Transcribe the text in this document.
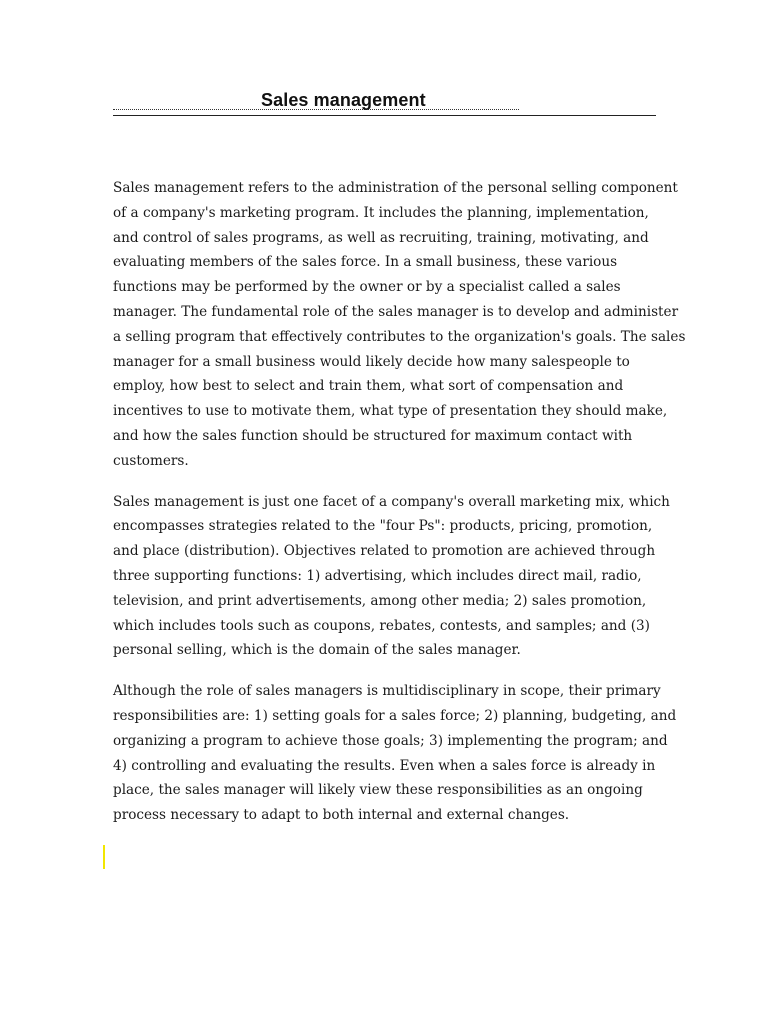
Sales management

Sales management refers to the administration of the personal selling component
of a company's marketing program. It includes the planning, implementation,
and control of sales programs, as well as recruiting, training, motivating, and
evaluating members of the sales force. In a small business, these various
functions may be performed by the owner or by a specialist called a sales
manager. The fundamental role of the sales manager is to develop and administer
a selling program that effectively contributes to the organization's goals. The sales
manager for a small business would likely decide how many salespeople to
employ, how best to select and train them, what sort of compensation and
incentives to use to motivate them, what type of presentation they should make,
and how the sales function should be structured for maximum contact with
customers.

Sales management is just one facet of a company's overall marketing mix, which
encompasses strategies related to the "four Ps": products, pricing, promotion,
and place (distribution). Objectives related to promotion are achieved through
three supporting functions: 1) advertising, which includes direct mail, radio,
television, and print advertisements, among other media; 2) sales promotion,
which includes tools such as coupons, rebates, contests, and samples; and (3)
personal selling, which is the domain of the sales manager.

Although the role of sales managers is multidisciplinary in scope, their primary
responsibilities are: 1) setting goals for a sales force; 2) planning, budgeting, and
organizing a program to achieve those goals; 3) implementing the program; and
4) controlling and evaluating the results. Even when a sales force is already in
place, the sales manager will likely view these responsibilities as an ongoing
process necessary to adapt to both internal and external changes.
